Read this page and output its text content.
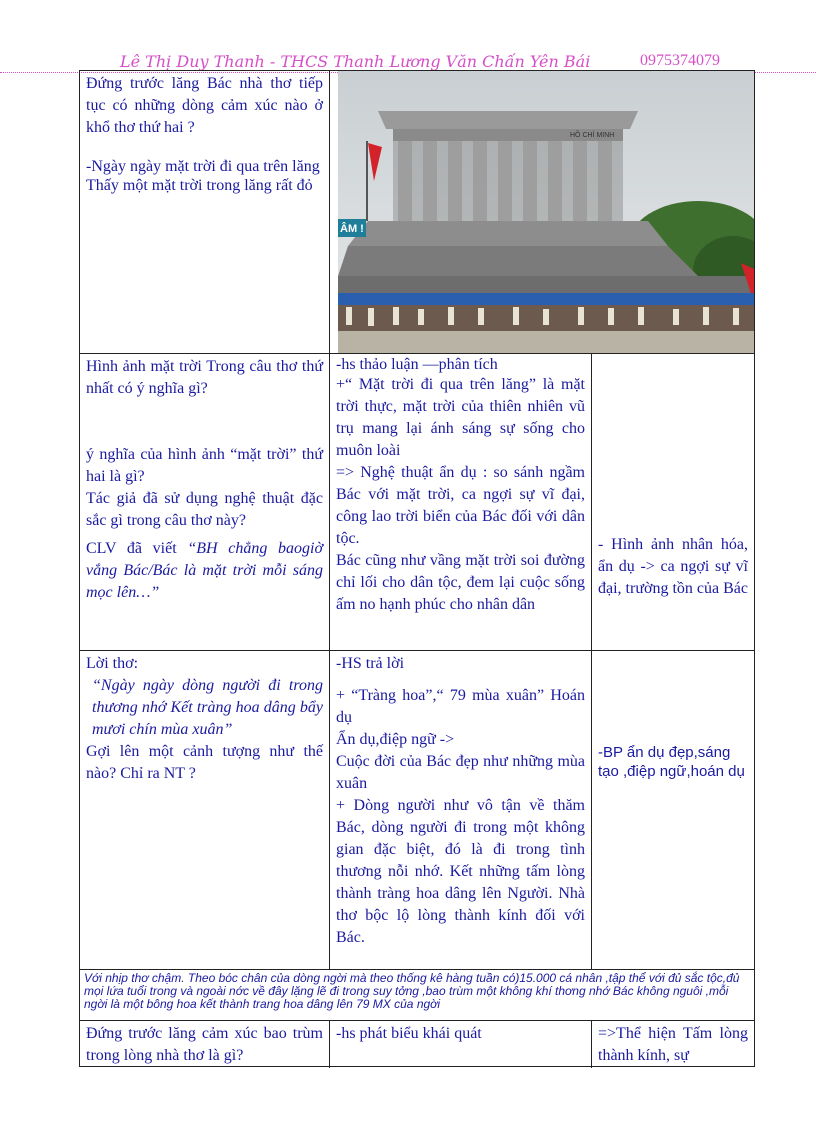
Lê Thị Duy Thanh - THCS Thanh Lương Văn Chấn Yên Bái	0975374079

Đứng trước lăng Bác nhà thơ tiếp tục có những dòng cảm xúc nào ở khổ thơ thứ hai ?

-Ngày ngày mặt trời đi qua trên lăng

Thấy một mặt trời trong lăng rất đỏ

HỒ CHÍ MINH
ÂM !

Hình ảnh mặt trời Trong câu thơ thứ nhất có ý nghĩa gì?

ý nghĩa của hình ảnh “mặt trời” thứ hai là gì?

Tác giả đã sử dụng nghệ thuật đặc sắc gì trong câu thơ này?

CLV đã viết “BH chẳng baogiờ vắng Bác/Bác là mặt trời mỗi sáng mọc lên…”

-hs thảo luận —phân tích

+“ Mặt trời đi qua trên lăng” là mặt trời thực, mặt trời của thiên nhiên vũ trụ mang lại ánh sáng sự sống cho muôn loài

=> Nghệ thuật ẩn dụ : so sánh ngầm Bác với mặt trời, ca ngợi sự vĩ đại, công lao trời biển của Bác đối với dân tộc.

Bác cũng như vầng mặt trời soi đường chỉ lối cho dân tộc, đem lại cuộc sống ấm no hạnh phúc cho nhân dân

- Hình ảnh nhân hóa, ẩn dụ -> ca ngợi sự vĩ đại, trường tồn của Bác

Lời thơ:

“Ngày ngày dòng người đi trong thương nhớ Kết tràng hoa dâng bẩy mươi chín mùa xuân”

Gợi lên một cảnh tượng như thế nào? Chỉ ra NT ?

-HS trả lời

+ “Tràng hoa”,“ 79 mùa xuân” Hoán dụ

Ẩn dụ,điệp ngữ ->

Cuộc đời của Bác đẹp như những mùa xuân

+ Dòng người như vô tận về thăm Bác, dòng người đi trong một không gian đặc biệt, đó là đi trong tình thương nỗi nhớ. Kết những tấm lòng thành tràng hoa dâng lên Người. Nhà thơ bộc lộ lòng thành kính đối với Bác.

-BP ẩn dụ đẹp,sáng tạo ,điệp ngữ,hoán dụ

Với nhịp thơ chậm. Theo bóc chân của dòng ngời mà theo thống kê hàng tuần có)15.000 cá nhân ,tập thể với đủ sắc tộc,đủ mọi lứa tuổi trong và ngoài nớc về đây lặng lẽ đi trong suy tởng ,bao trùm một không khí thơng nhớ Bác không nguôi ,mỗi ngời là một bông hoa kết thành trang hoa dâng lên 79 MX của ngời

Đứng trước lăng cảm xúc bao trùm trong lòng nhà thơ là gì?

-hs phát biểu khái quát	=>Thể hiện Tấm lòng thành kính, sự
